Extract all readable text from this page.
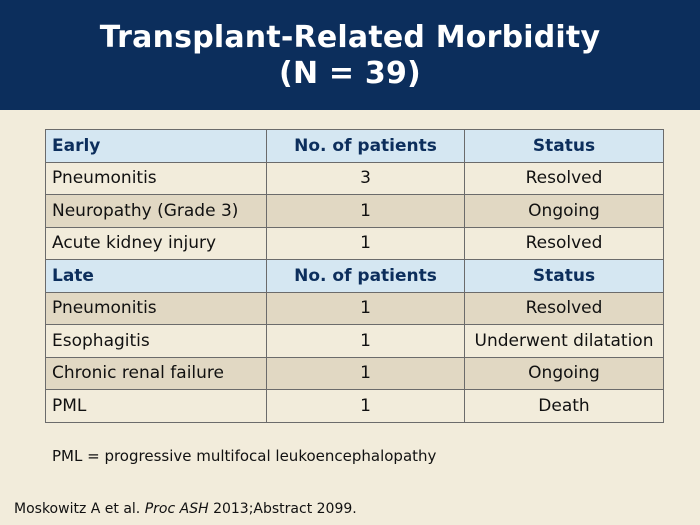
Transplant-Related Morbidity
(N = 39)
Early	No. of patients	Status
Pneumonitis	3	Resolved
Neuropathy (Grade 3)	1	Ongoing
Acute kidney injury	1	Resolved
Late	No. of patients	Status
Pneumonitis	1	Resolved
Esophagitis	1	Underwent dilatation
Chronic renal failure	1	Ongoing
PML	1	Death
PML = progressive multifocal leukoencephalopathy
Moskowitz A et al. Proc ASH 2013;Abstract 2099.
